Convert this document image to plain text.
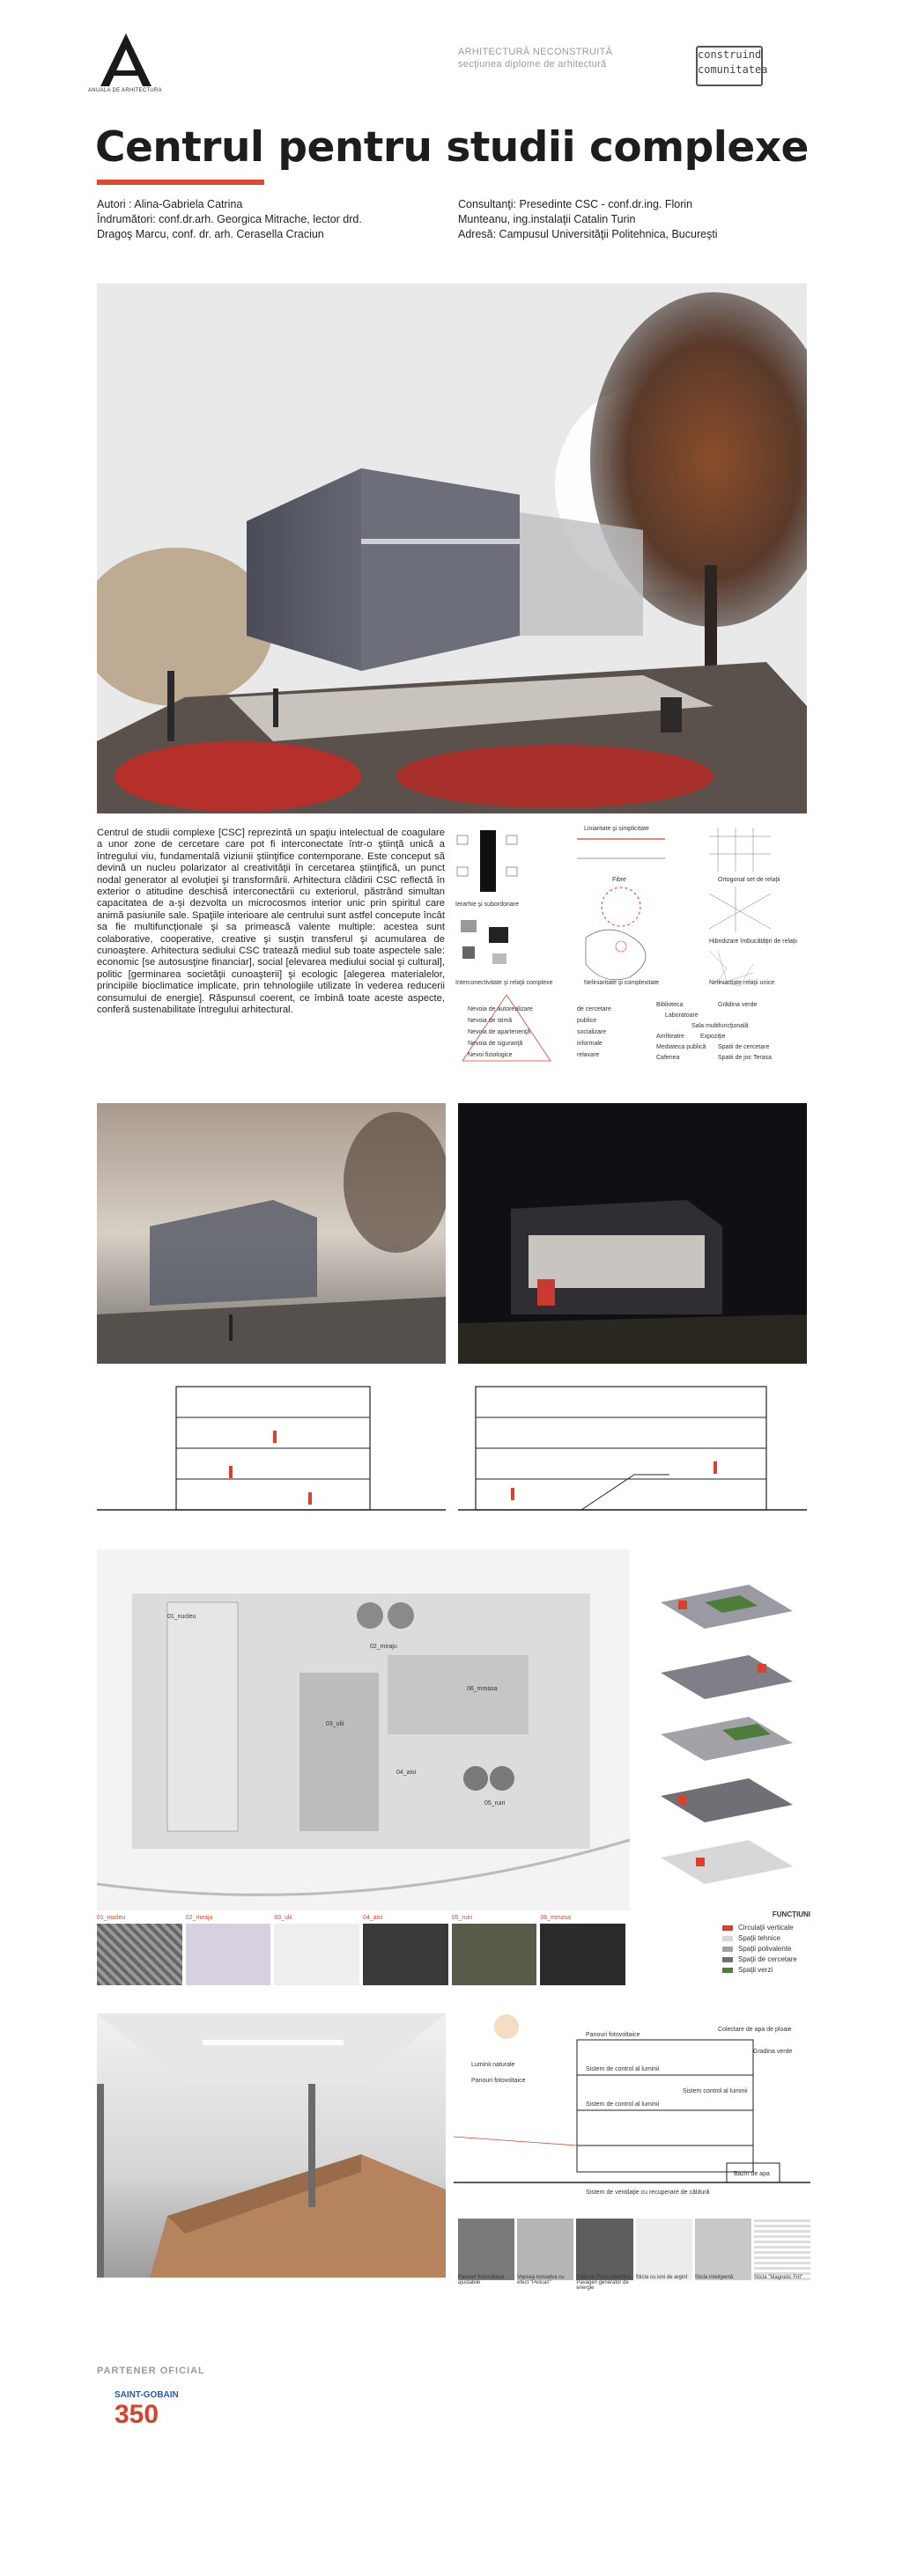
ANUALA DE ARHITECTURA
ARHITECTURĂ NECONSTRUITĂ
secţiunea diplome de arhitectură
construind
comunitatea
Centrul pentru studii complexe
Autori : Alina-Gabriela Catrina
Îndrumători: conf.dr.arh. Georgica Mitrache, lector drd.
Dragoş Marcu, conf. dr. arh. Cerasella Craciun
Consultanţi: Presedinte CSC - conf.dr.ing. Florin
Munteanu, ing.instalaţii Catalin Turin
Adresă: Campusul Universităţii Politehnica, Bucureşti
Centrul de studii complexe [CSC] reprezintă un spaţiu intelectual de coagulare a unor zone de cercetare care pot fi interconectate într-o ştiinţă unică a întregului viu, fundamentală viziunii ştiinţifice contemporane. Este conceput să devină un nucleu polarizator al creativităţii în cercetarea ştiinţifică, un punct nodal generator al evoluţiei şi transformării. Arhitectura clădirii CSC reflectă în exterior o atitudine deschisă interconectării cu exteriorul, păstrând simultan capacitatea de a-şi dezvolta un microcosmos interior unic prin spiritul care animă pasiunile sale. Spaţiile interioare ale centrului sunt astfel concepute încât sa fie multifuncţionale şi sa primească valente multiple: acestea sunt colaborative, cooperative, creative şi susţin transferul şi acumularea de cunoaştere. Arhitectura sediului CSC tratează mediul sub toate aspectele sale: economic [se autosusţine financiar], social [elevarea mediului social şi cultural], politic [germinarea societăţii cunoaşterii] şi ecologic [alegerea materialelor, principiile bioclimatice implicate, prin tehnologiile utilizate în vederea reducerii consumului de energie]. Răspunsul coerent, ce îmbină toate aceste aspecte, conferă sustenabilitate întregului arhitectural.
Ierarhie şi subordonare
Liniaritate şi simplicitate
Fibre	Ortogonal set de relaţii
Hibridizare îmbucătăţiri de relaţii
Interconectivitate şi relaţii complexe	Neliniaritate şi complexitate	Neliniaritate relaţii unice
Nevoia de autorealizare
Nevoia de stimă
Nevoia de apartenenţă
Nevoia de siguranţă
Nevoi fiziologice
de cercetare
publice
socializare
informale
relaxare
Biblioteca	Grădina verde
Laboratoare
Sala multifuncţională
Expoziţie
Amfiteatre
Mediateca publică Spatii de cercetare
Cafenea	Spatii de joc Terasa
01_nucleu
02_miraju
03_ulii
04_aisi
05_ruiri
06_mmasa
FUNCŢIUNI
Circulaţii verticale
Spaţii tehnice
Spaţii polivalente
Spaţii de cercetare
Spaţii verzi
01_nucleu	02_miraju	03_ulii	04_aisi	05_ruiri	06_mmasa
Panouri fotovoltaice
Colectare de apa de ploaie
Gradina verde
Luminii naturale
Sistem de control al luminii
Sistem de control al luminii
Sistem control al luminii
Sistem de ventilaţie cu recuperare de căldură
Bazin de apa
Panouri fotovoltaice
Panouri fotovoltaice ajustabile
Vopsea inovativa cu efect "Pelican"
Plăci cu Piezo-electrice, Pavagen generator de energie
Sticla cu ioni de argint	Sticla inteligentă	Sticla "Magnetic Frit"
PARTENER OFICIAL
SAINT-GOBAIN
350
